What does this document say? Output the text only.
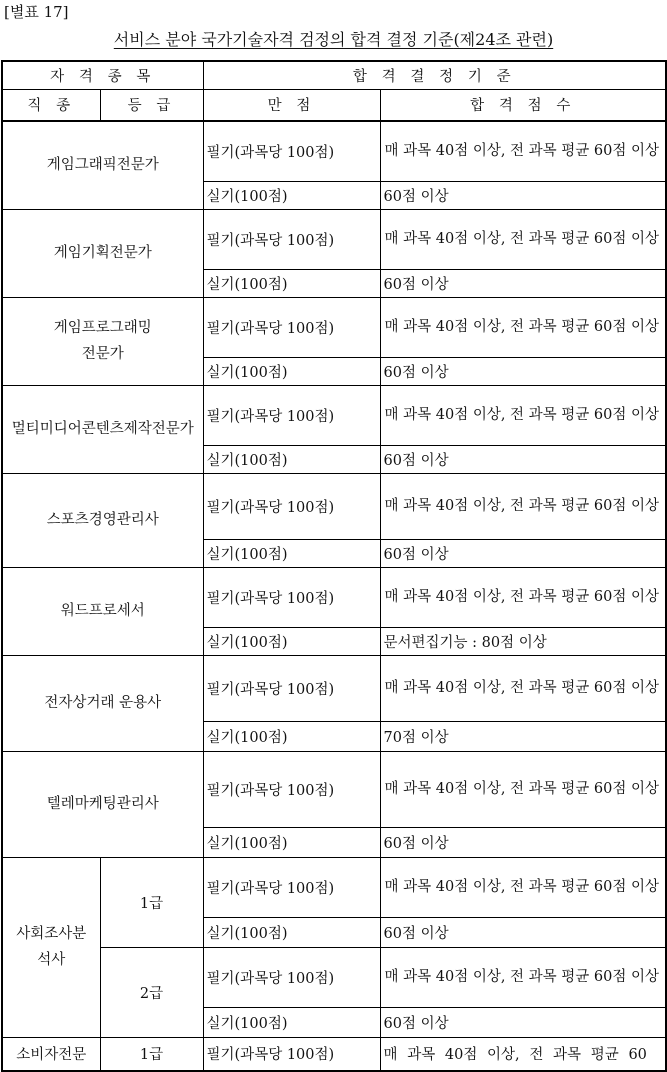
[별표 17]
서비스 분야 국가기술자격 검정의 합격 결정 기준(제24조 관련)
자 격 종 목		합 격 결 정 기 준	
직 종	등 급	만 점	합 격 점 수
게임그래픽전문가		필기(과목당 100점)	매 과목 40점 이상, 전 과목 평균 60점 이상
		실기(100점)	60점 이상
게임기획전문가		필기(과목당 100점)	매 과목 40점 이상, 전 과목 평균 60점 이상
		실기(100점)	60점 이상
게임프로그래밍
전문가		필기(과목당 100점)	매 과목 40점 이상, 전 과목 평균 60점 이상
		실기(100점)	60점 이상
멀티미디어콘텐츠제작전문가		필기(과목당 100점)	매 과목 40점 이상, 전 과목 평균 60점 이상
		실기(100점)	60점 이상
스포츠경영관리사		필기(과목당 100점)	매 과목 40점 이상, 전 과목 평균 60점 이상
		실기(100점)	60점 이상
워드프로세서		필기(과목당 100점)	매 과목 40점 이상, 전 과목 평균 60점 이상
		실기(100점)	문서편집기능 : 80점 이상
전자상거래 운용사		필기(과목당 100점)	매 과목 40점 이상, 전 과목 평균 60점 이상
		실기(100점)	70점 이상
텔레마케팅관리사		필기(과목당 100점)	매 과목 40점 이상, 전 과목 평균 60점 이상
		실기(100점)	60점 이상
사회조사분
석사	1급	필기(과목당 100점)	매 과목 40점 이상, 전 과목 평균 60점 이상
		실기(100점)	60점 이상
	2급	필기(과목당 100점)	매 과목 40점 이상, 전 과목 평균 60점 이상
		실기(100점)	60점 이상
소비자전문	1급	필기(과목당 100점)	매 과목 40점 이상, 전 과목 평균 60
